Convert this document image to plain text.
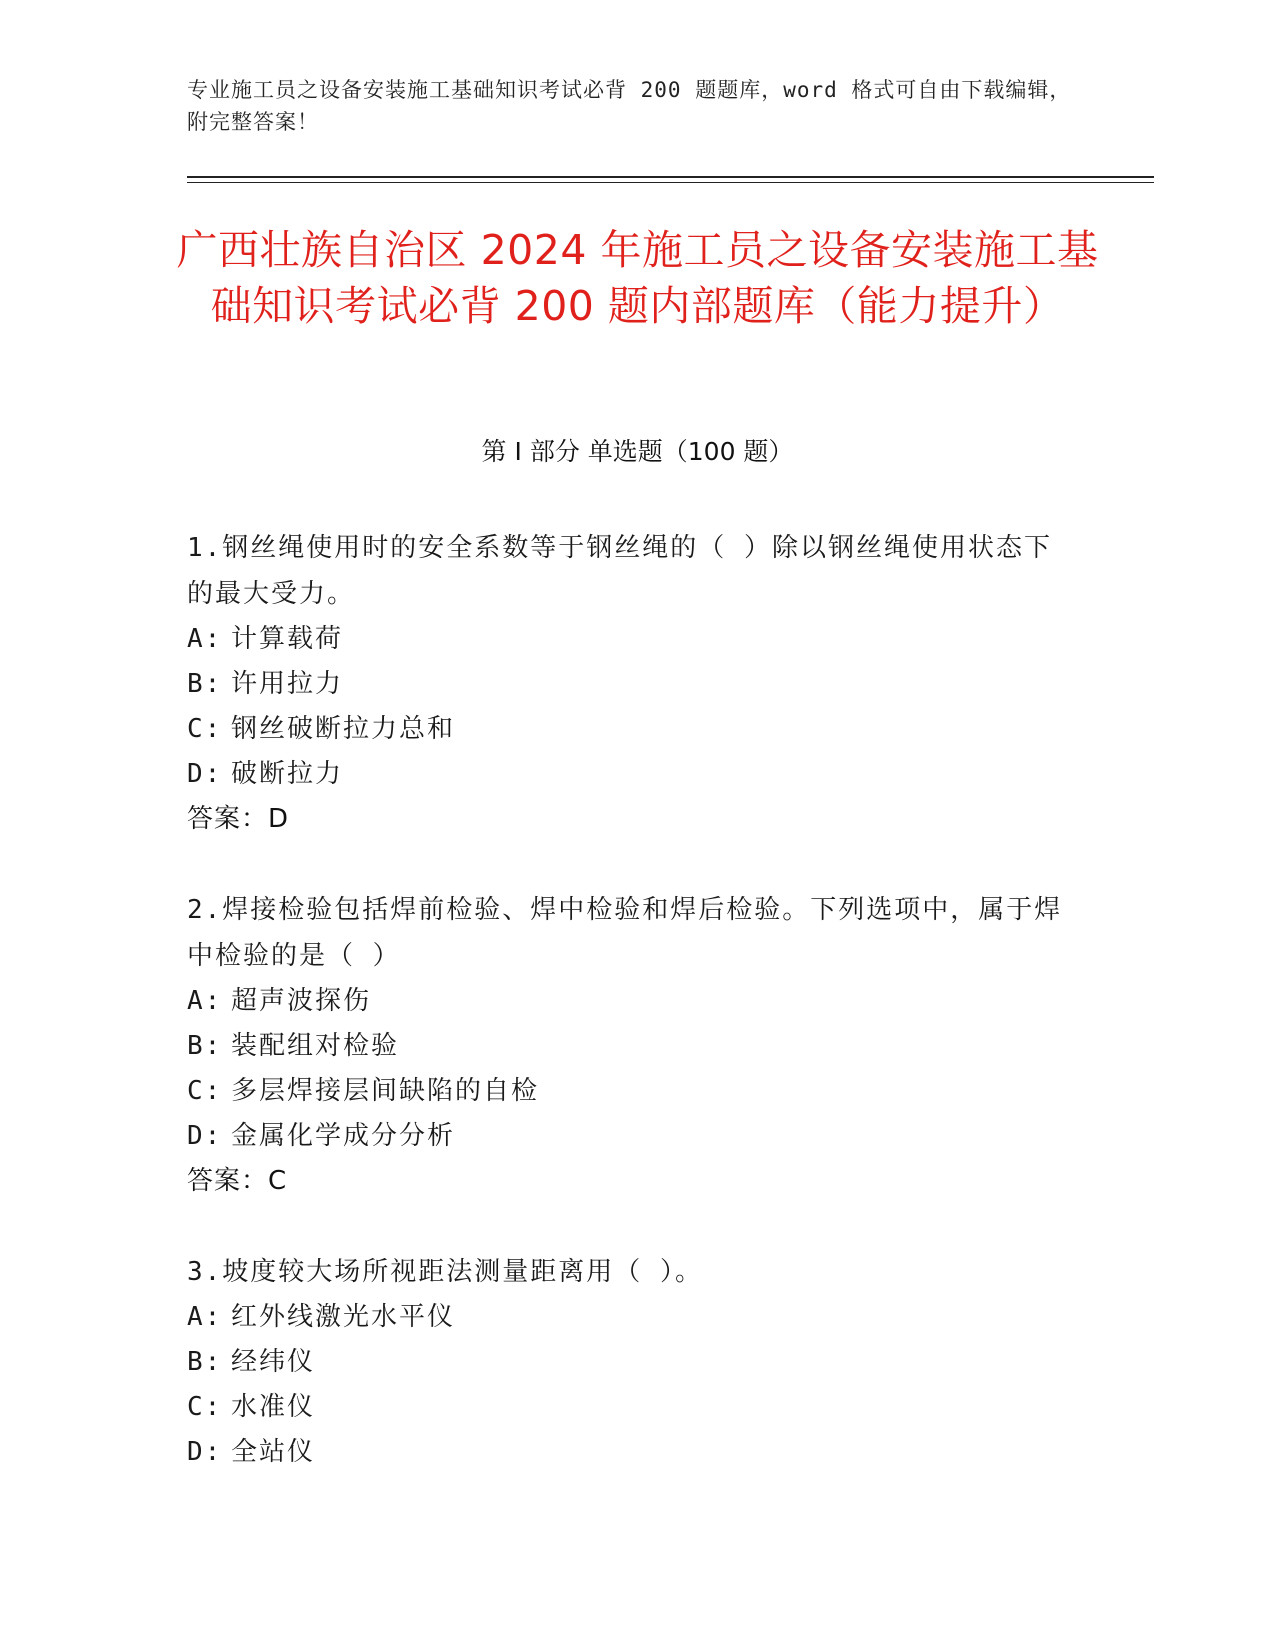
专业施工员之设备安装施工基础知识考试必背 200 题题库，word 格式可自由下载编辑，附完整答案！
广西壮族自治区 2024 年施工员之设备安装施工基础知识考试必背 200 题内部题库（能力提升）
第 I 部分 单选题（100 题）

1.钢丝绳使用时的安全系数等于钢丝绳的（ ）除以钢丝绳使用状态下的最大受力。

A: 计算载荷
B: 许用拉力
C: 钢丝破断拉力总和
D: 破断拉力
答案：D

2.焊接检验包括焊前检验、焊中检验和焊后检验。下列选项中，属于焊中检验的是（ ）

A: 超声波探伤
B: 装配组对检验
C: 多层焊接层间缺陷的自检
D: 金属化学成分分析
答案：C

3.坡度较大场所视距法测量距离用（ ）。

A: 红外线激光水平仪
B: 经纬仪
C: 水准仪
D: 全站仪
